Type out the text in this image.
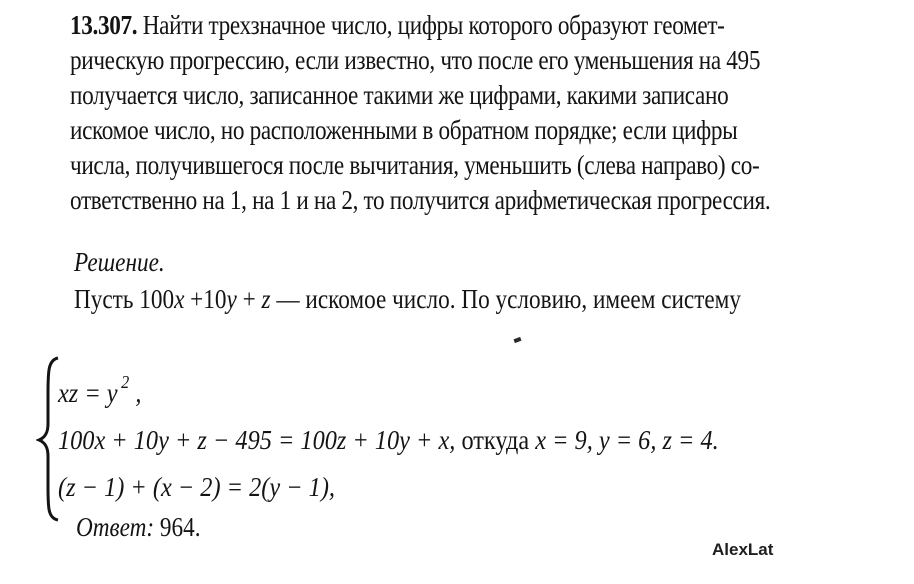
13.307. Найти трехзначное число, цифры которого образуют геомет-
рическую прогрессию, если известно, что после его уменьшения на 495
получается число, записанное такими же цифрами, какими записано
искомое число, но расположенными в обратном порядке; если цифры
числа, получившегося после вычитания, уменьшить (слева направо) со-
ответственно на 1, на 1 и на 2, то получится арифметическая прогрессия.
Решение.
Пусть 100x +10y + z — искомое число. По условию, имеем систему
xz = y $^2$ ,
100x + 10y + z − 495 = 100z + 10y + x, откуда x = 9, y = 6, z = 4.
(z − 1) + (x − 2) = 2(y − 1),
Ответ: 964.
AlexLat
